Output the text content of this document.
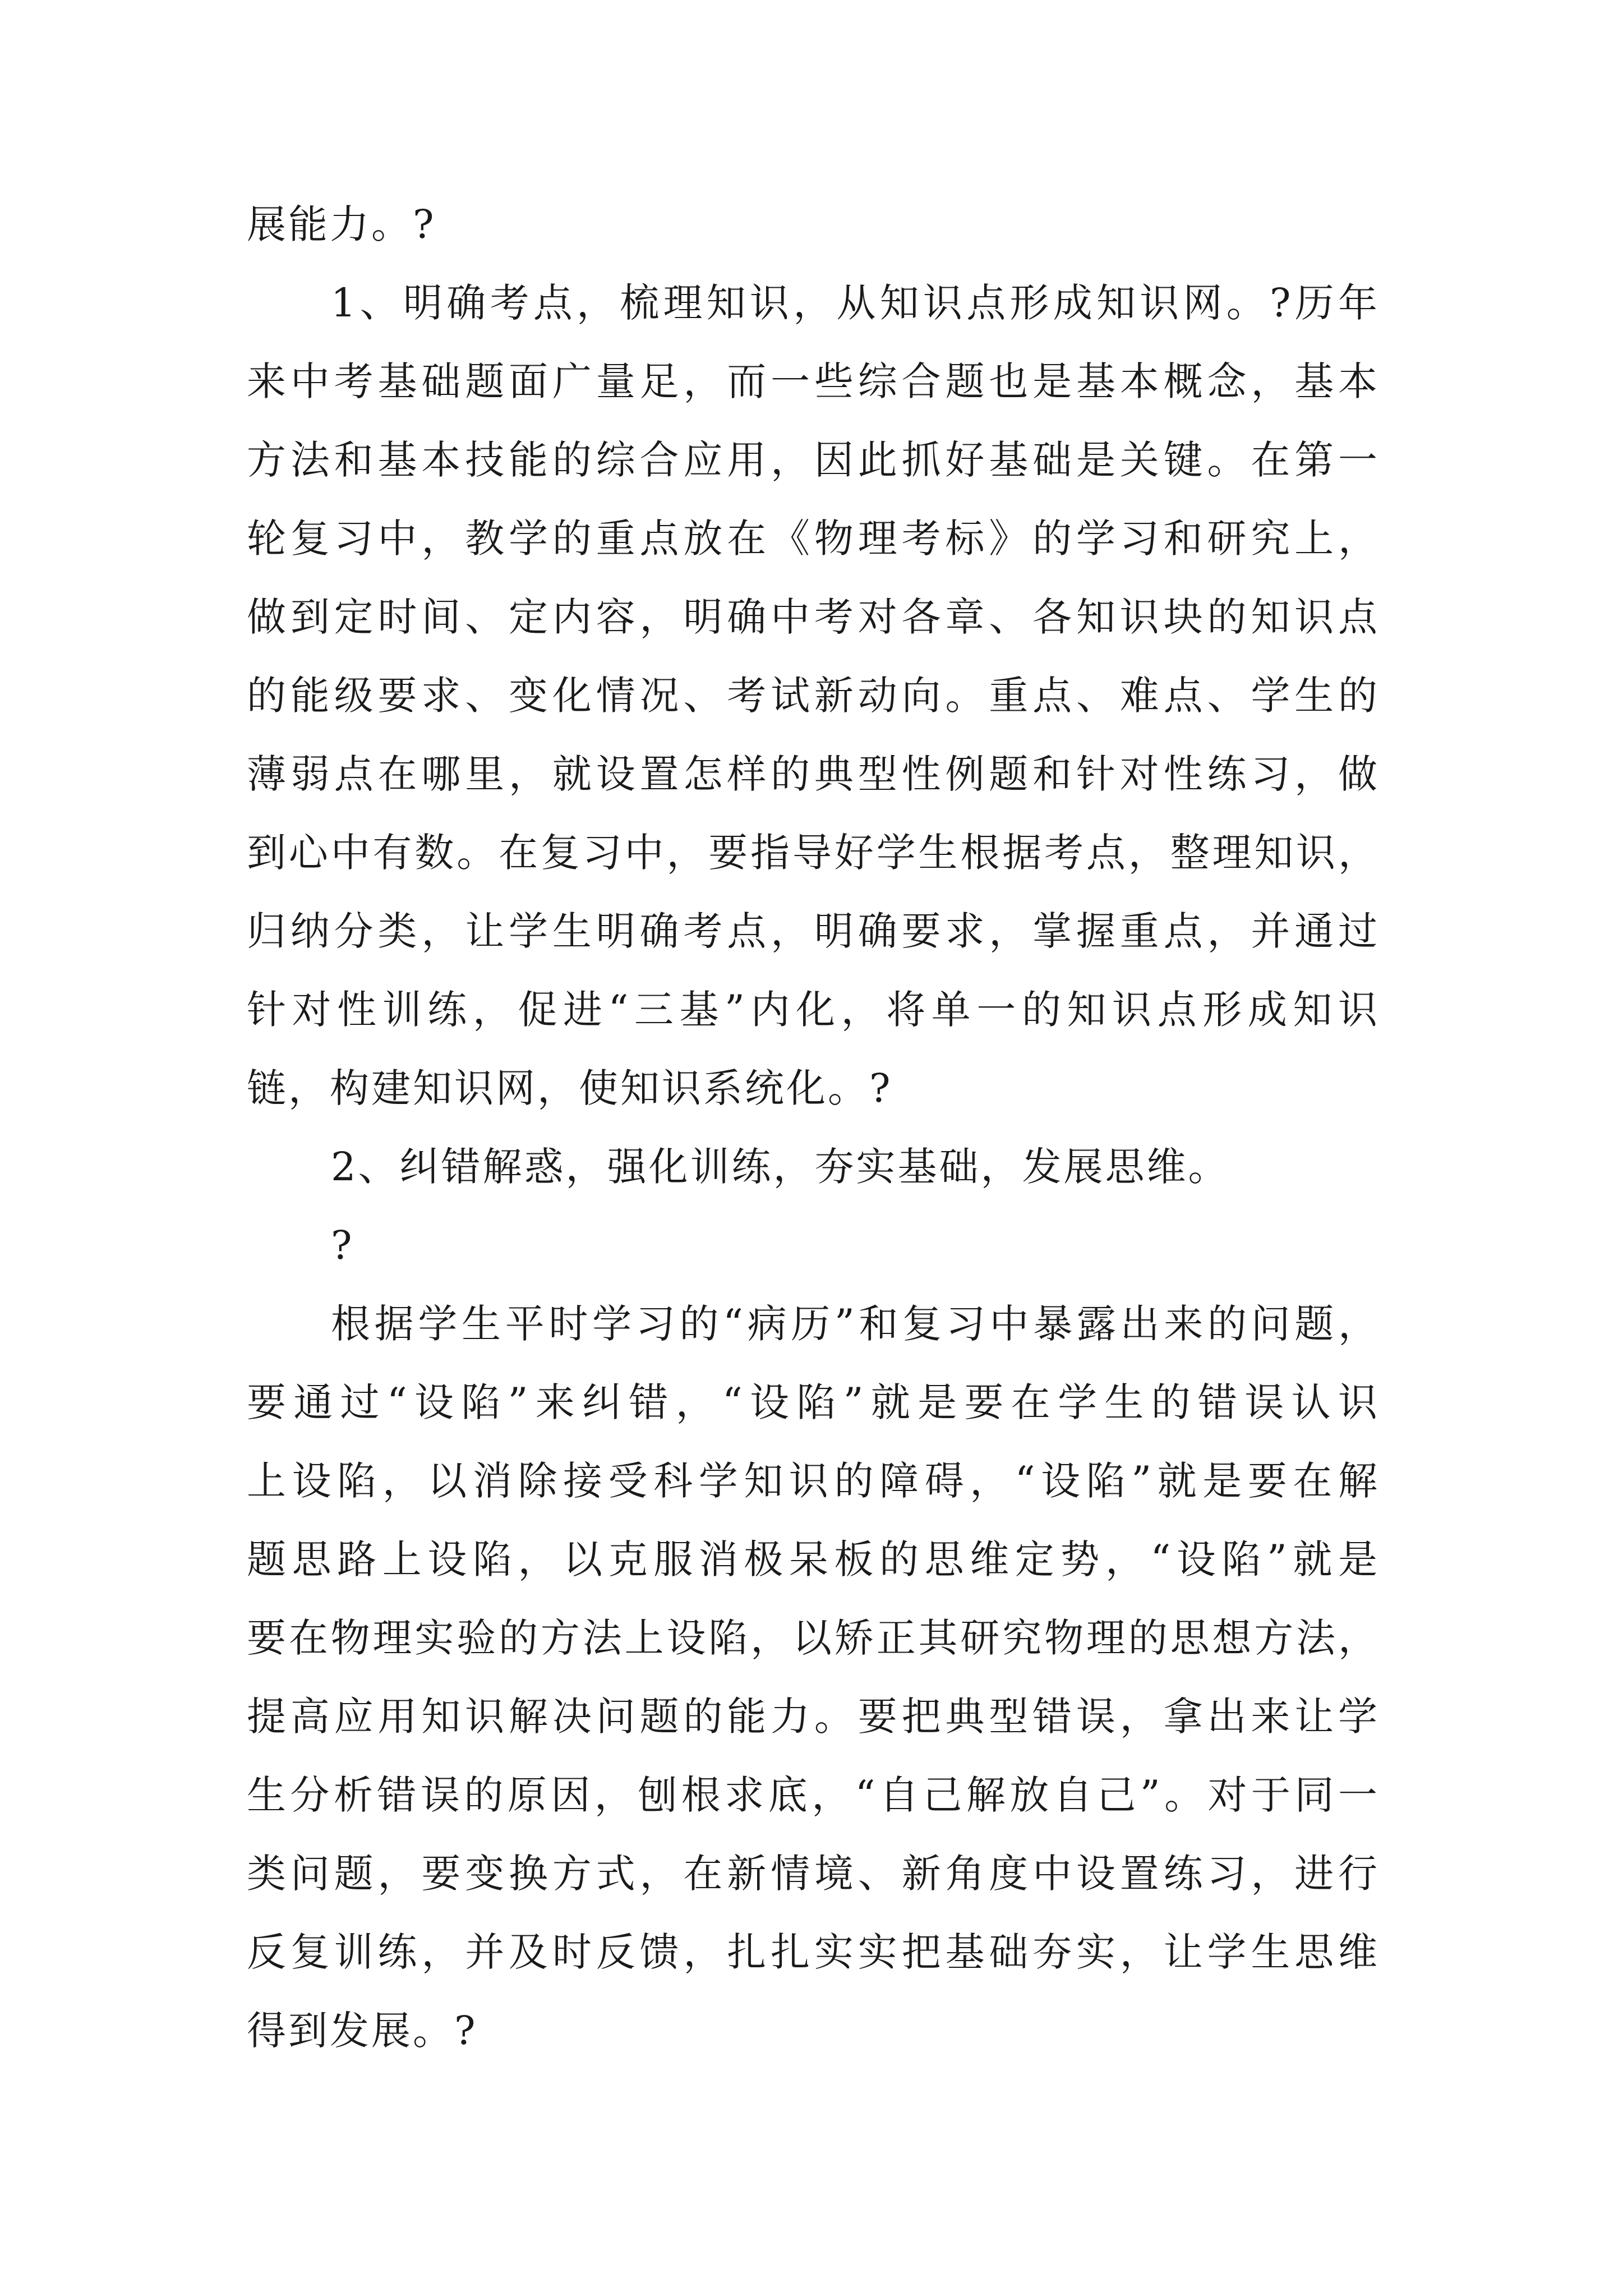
展能力。?
1、明确考点，梳理知识，从知识点形成知识网。?历年
来中考基础题面广量足，而一些综合题也是基本概念，基本
方法和基本技能的综合应用，因此抓好基础是关键。在第一
轮复习中，教学的重点放在《物理考标》的学习和研究上，
做到定时间、定内容，明确中考对各章、各知识块的知识点
的能级要求、变化情况、考试新动向。重点、难点、学生的
薄弱点在哪里，就设置怎样的典型性例题和针对性练习，做
到心中有数。在复习中，要指导好学生根据考点，整理知识，
归纳分类，让学生明确考点，明确要求，掌握重点，并通过
针对性训练，促进“三基”内化，将单一的知识点形成知识
链，构建知识网，使知识系统化。?
2、纠错解惑，强化训练，夯实基础，发展思维。
?
根据学生平时学习的“病历”和复习中暴露出来的问题，
要通过“设陷”来纠错，“设陷”就是要在学生的错误认识
上设陷，以消除接受科学知识的障碍，“设陷”就是要在解
题思路上设陷，以克服消极呆板的思维定势，“设陷”就是
要在物理实验的方法上设陷，以矫正其研究物理的思想方法，
提高应用知识解决问题的能力。要把典型错误，拿出来让学
生分析错误的原因，刨根求底，“自己解放自己”。对于同一
类问题，要变换方式，在新情境、新角度中设置练习，进行
反复训练，并及时反馈，扎扎实实把基础夯实，让学生思维
得到发展。?
